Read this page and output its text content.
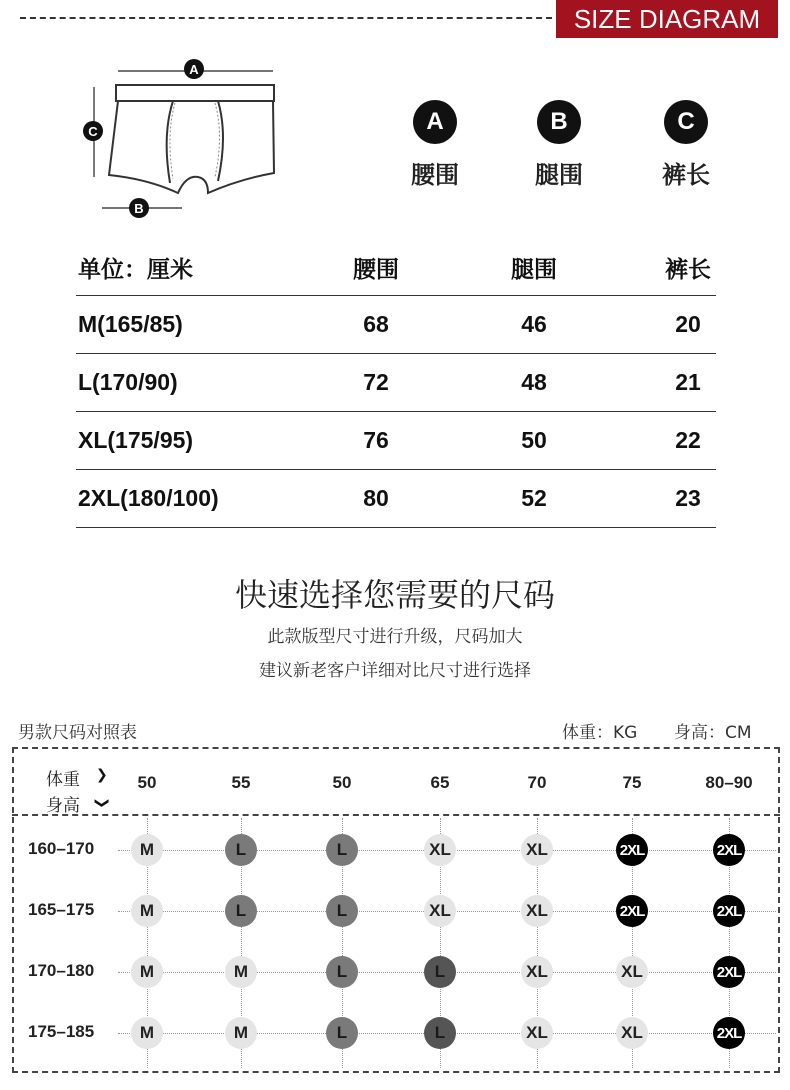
SIZE DIAGRAM
A
C
B
A
腰围
B
腿围
C
裤长
单位：厘米	腰围	腿围	裤长
M(165/85)	68	46	20
L(170/90)	72	48	21
XL(175/95)	76	50	22
2XL(180/100)	80	52	23
快速选择您需要的尺码
此款版型尺寸进行升级，尺码加大
建议新老客户详细对比尺寸进行选择
男款尺码对照表	体重：KG 身高：CM
体重 ❯
身高 ❯
50	55	50	65	70	75	80–90
160–170	M	L	L	XL	XL	2XL	2XL
165–175	M	L	L	XL	XL	2XL	2XL
170–180	M	M	L	L	XL	XL	2XL
175–185	M	M	L	L	XL	XL	2XL
